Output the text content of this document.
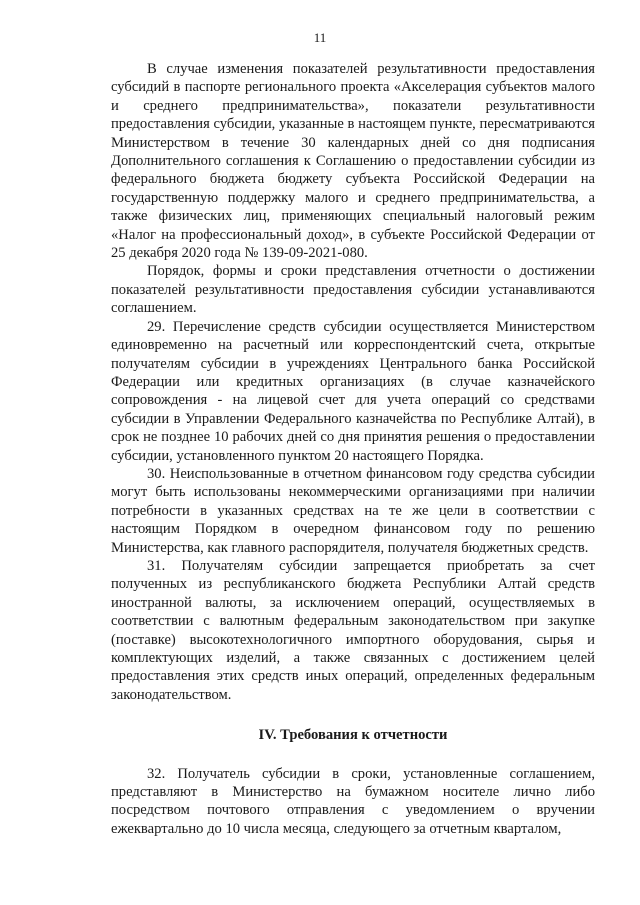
11

В случае изменения показателей результативности предоставления субсидий в паспорте регионального проекта «Акселерация субъектов малого и среднего предпринимательства», показатели результативности предоставления субсидии, указанные в настоящем пункте, пересматриваются Министерством в течение 30 календарных дней со дня подписания Дополнительного соглашения к Соглашению о предоставлении субсидии из федерального бюджета бюджету субъекта Российской Федерации на государственную поддержку малого и среднего предпринимательства, а также физических лиц, применяющих специальный налоговый режим «Налог на профессиональный доход», в субъекте Российской Федерации от 25 декабря 2020 года № 139-09-2021-080.

Порядок, формы и сроки представления отчетности о достижении показателей результативности предоставления субсидии устанавливаются соглашением.

29. Перечисление средств субсидии осуществляется Министерством единовременно на расчетный или корреспондентский счета, открытые получателям субсидии в учреждениях Центрального банка Российской Федерации или кредитных организациях (в случае казначейского сопровождения - на лицевой счет для учета операций со средствами субсидии в Управлении Федерального казначейства по Республике Алтай), в срок не позднее 10 рабочих дней со дня принятия решения о предоставлении субсидии, установленного пунктом 20 настоящего Порядка.

30. Неиспользованные в отчетном финансовом году средства субсидии могут быть использованы некоммерческими организациями при наличии потребности в указанных средствах на те же цели в соответствии с настоящим Порядком в очередном финансовом году по решению Министерства, как главного распорядителя, получателя бюджетных средств.

31. Получателям субсидии запрещается приобретать за счет полученных из республиканского бюджета Республики Алтай средств иностранной валюты, за исключением операций, осуществляемых в соответствии с валютным федеральным законодательством при закупке (поставке) высокотехнологичного импортного оборудования, сырья и комплектующих изделий, а также связанных с достижением целей предоставления этих средств иных операций, определенных федеральным законодательством.

IV. Требования к отчетности

32. Получатель субсидии в сроки, установленные соглашением, представляют в Министерство на бумажном носителе лично либо посредством почтового отправления с уведомлением о вручении ежеквартально до 10 числа месяца, следующего за отчетным кварталом,
